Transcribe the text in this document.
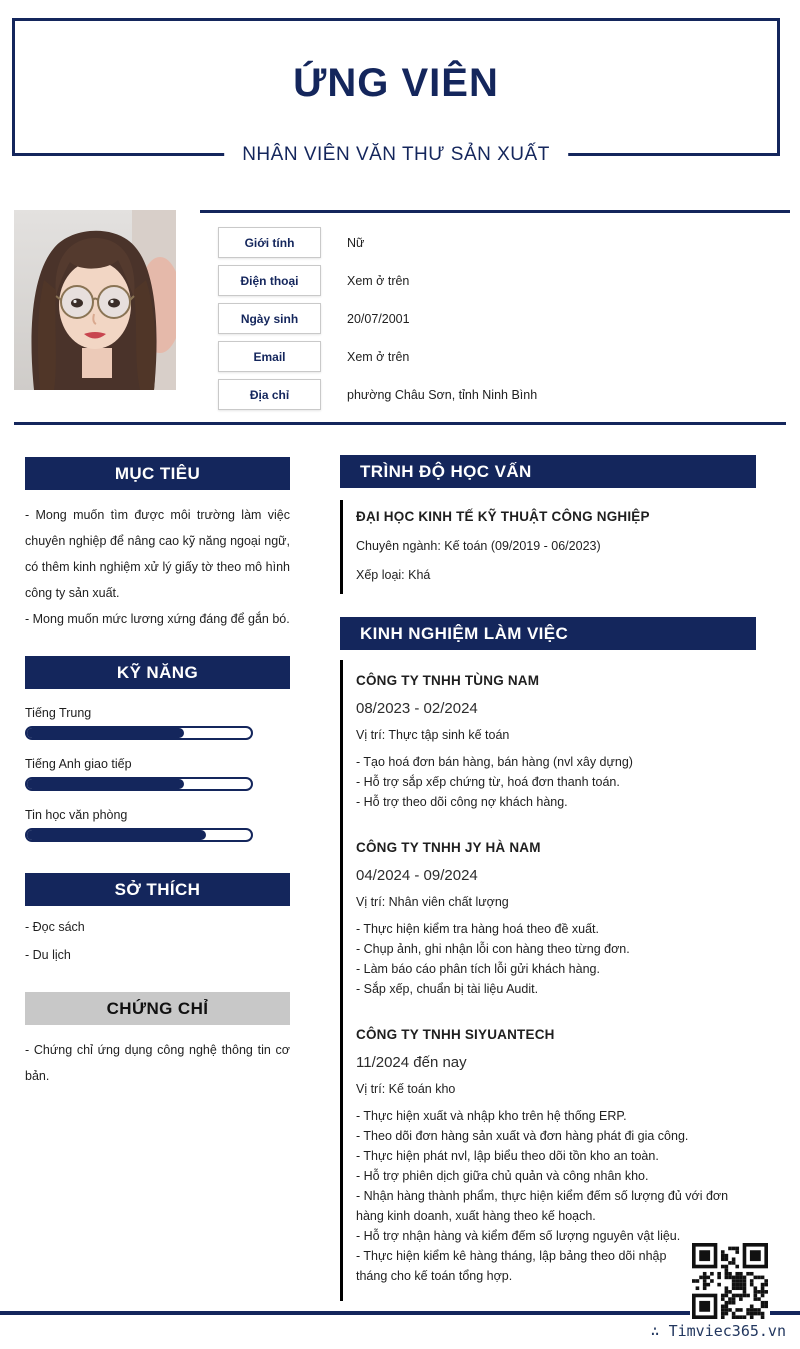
ỨNG VIÊN
NHÂN VIÊN VĂN THƯ SẢN XUẤT
Giới tính	Nữ
Điện thoại	Xem ở trên
Ngày sinh	20/07/2001
Email	Xem ở trên
Địa chỉ	phường Châu Sơn, tỉnh Ninh Bình
MỤC TIÊU
- Mong muốn tìm được môi trường làm việc chuyên nghiệp để nâng cao kỹ năng ngoại ngữ, có thêm kinh nghiệm xử lý giấy tờ theo mô hình công ty sản xuất.
- Mong muốn mức lương xứng đáng để gắn bó.
KỸ NĂNG
Tiếng Trung
Tiếng Anh giao tiếp
Tin học văn phòng
SỞ THÍCH
- Đọc sách
- Du lịch
CHỨNG CHỈ
- Chứng chỉ ứng dụng công nghệ thông tin cơ bản.
TRÌNH ĐỘ HỌC VẤN
ĐẠI HỌC KINH TẾ KỸ THUẬT CÔNG NGHIỆP
Chuyên ngành: Kế toán (09/2019 - 06/2023)
Xếp loại: Khá
KINH NGHIỆM LÀM VIỆC
CÔNG TY TNHH TÙNG NAM
08/2023 - 02/2024
Vị trí: Thực tập sinh kế toán
- Tạo hoá đơn bán hàng, bán hàng (nvl xây dựng)
- Hỗ trợ sắp xếp chứng từ, hoá đơn thanh toán.
- Hỗ trợ theo dõi công nợ khách hàng.
CÔNG TY TNHH JY HÀ NAM
04/2024 - 09/2024
Vị trí: Nhân viên chất lượng
- Thực hiện kiểm tra hàng hoá theo đề xuất.
- Chụp ảnh, ghi nhận lỗi con hàng theo từng đơn.
- Làm báo cáo phân tích lỗi gửi khách hàng.
- Sắp xếp, chuẩn bị tài liệu Audit.
CÔNG TY TNHH SIYUANTECH
11/2024 đến nay
Vị trí: Kế toán kho
- Thực hiện xuất và nhập kho trên hệ thống ERP.
- Theo dõi đơn hàng sản xuất và đơn hàng phát đi gia công.
- Thực hiện phát nvl, lập biểu theo dõi tồn kho an toàn.
- Hỗ trợ phiên dịch giữa chủ quản và công nhân kho.
- Nhận hàng thành phẩm, thực hiện kiểm đếm số lượng đủ với đơn hàng kinh doanh, xuất hàng theo kế hoạch.
- Hỗ trợ nhận hàng và kiểm đếm số lượng nguyên vật liệu.
- Thực hiện kiểm kê hàng tháng, lập bảng theo dõi nhập tháng cho kế toán tổng hợp.
∴ Timviec365.vn
